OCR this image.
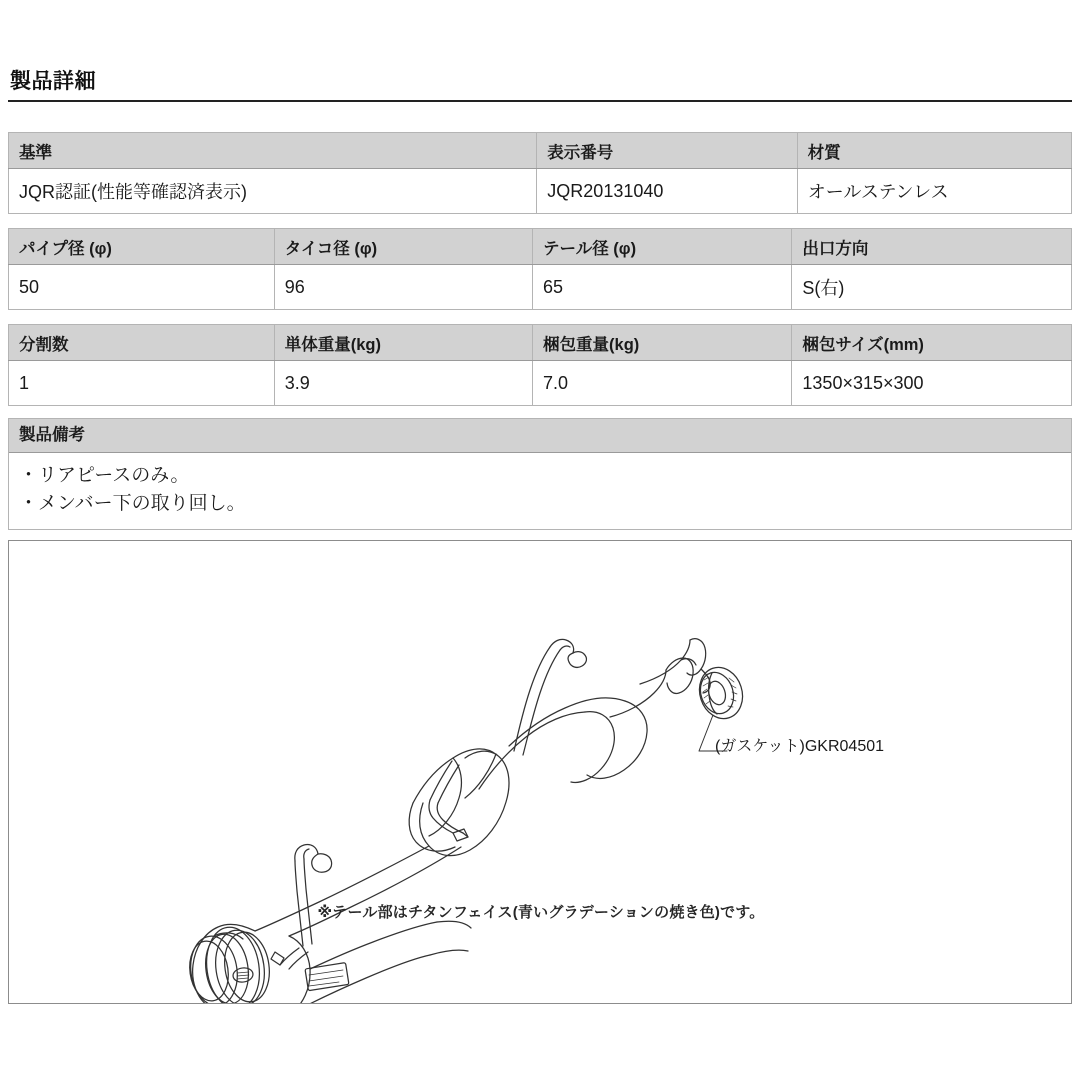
製品詳細
基準	表示番号	材質
JQR認証(性能等確認済表示)	JQR20131040	オールステンレス
パイプ径 (φ)	タイコ径 (φ)	テール径 (φ)	出口方向
50	96	65	S(右)
分割数	単体重量(kg)	梱包重量(kg)	梱包サイズ(mm)
1	3.9	7.0	1350×315×300
製品備考
・リアピースのみ。
・メンバー下の取り回し。
(ガスケット)GKR04501
※テール部はチタンフェイス(青いグラデーションの焼き色)です。
